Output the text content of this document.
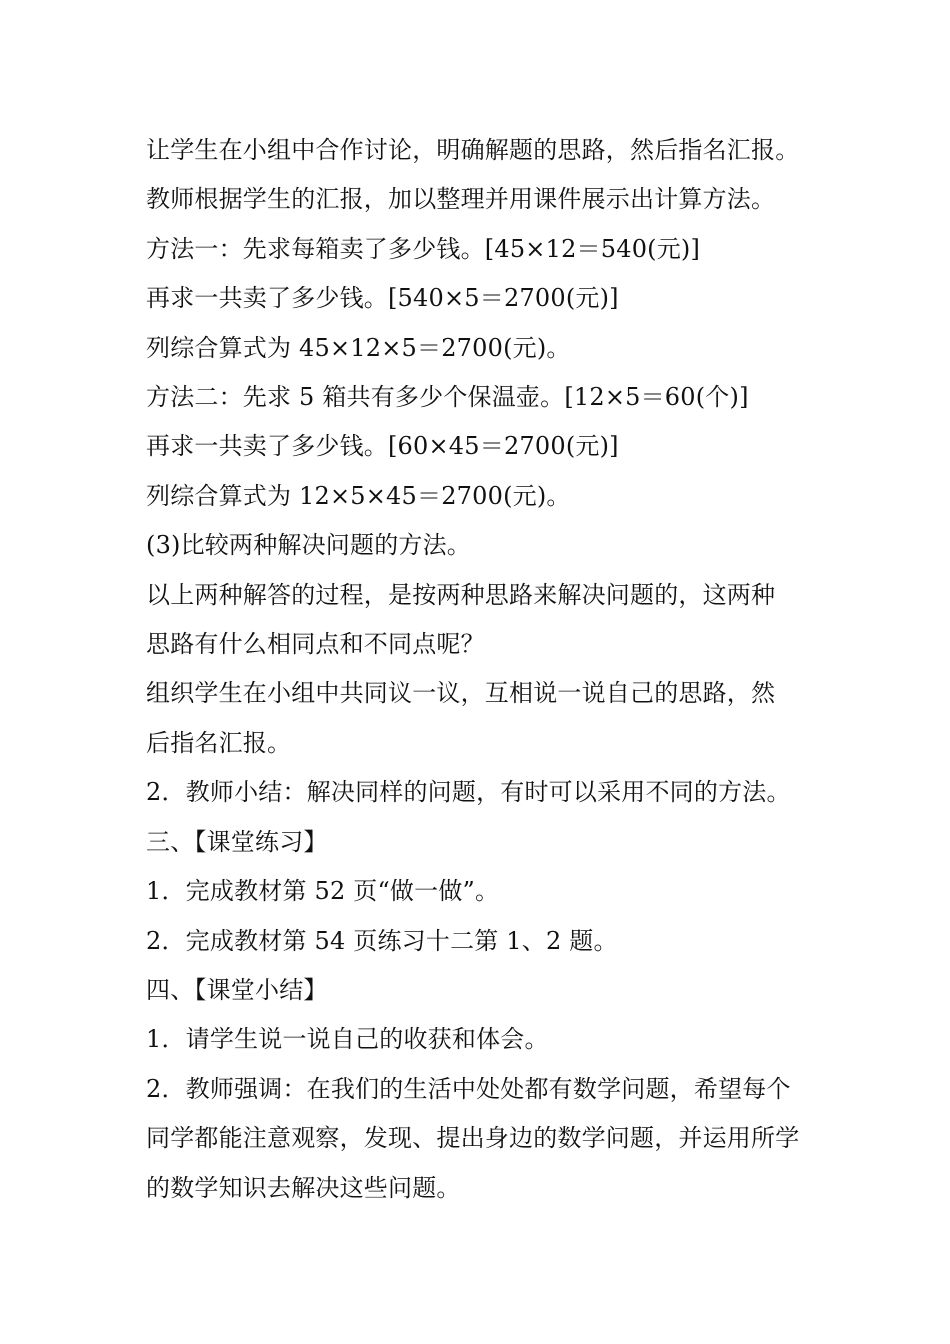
让学生在小组中合作讨论，明确解题的思路，然后指名汇报。

教师根据学生的汇报，加以整理并用课件展示出计算方法。

方法一：先求每箱卖了多少钱。[45×12＝540(元)]

再求一共卖了多少钱。[540×5＝2700(元)]

列综合算式为 45×12×5＝2700(元)。

方法二：先求 5 箱共有多少个保温壶。[12×5＝60(个)]

再求一共卖了多少钱。[60×45＝2700(元)]

列综合算式为 12×5×45＝2700(元)。

(3)比较两种解决问题的方法。

以上两种解答的过程，是按两种思路来解决问题的，这两种

思路有什么相同点和不同点呢？

组织学生在小组中共同议一议，互相说一说自己的思路，然

后指名汇报。

2．教师小结：解决同样的问题，有时可以采用不同的方法。

三、【课堂练习】

1．完成教材第 52 页“做一做”。

2．完成教材第 54 页练习十二第 1、2 题。

四、【课堂小结】

1．请学生说一说自己的收获和体会。

2．教师强调：在我们的生活中处处都有数学问题，希望每个

同学都能注意观察，发现、提出身边的数学问题，并运用所学

的数学知识去解决这些问题。
